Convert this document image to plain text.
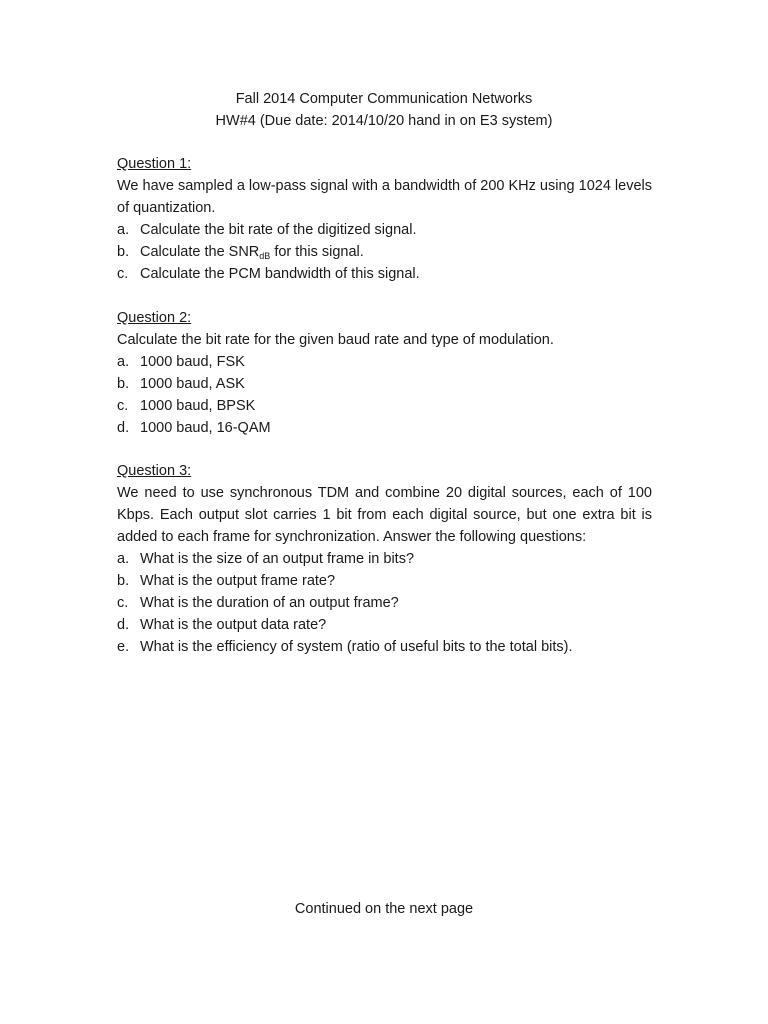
Fall 2014 Computer Communication Networks
HW#4 (Due date: 2014/10/20 hand in on E3 system)
Question 1:
We have sampled a low-pass signal with a bandwidth of 200 KHz using 1024 levels of quantization.
a. Calculate the bit rate of the digitized signal.
b. Calculate the $SNR_{dB}$ for this signal.
c. Calculate the PCM bandwidth of this signal.
Question 2:
Calculate the bit rate for the given baud rate and type of modulation.
a. 1000 baud, FSK
b. 1000 baud, ASK
c. 1000 baud, BPSK
d. 1000 baud, 16-QAM
Question 3:
We need to use synchronous TDM and combine 20 digital sources, each of 100 Kbps. Each output slot carries 1 bit from each digital source, but one extra bit is added to each frame for synchronization. Answer the following questions:
a. What is the size of an output frame in bits?
b. What is the output frame rate?
c. What is the duration of an output frame?
d. What is the output data rate?
e. What is the efficiency of system (ratio of useful bits to the total bits).
Continued on the next page
